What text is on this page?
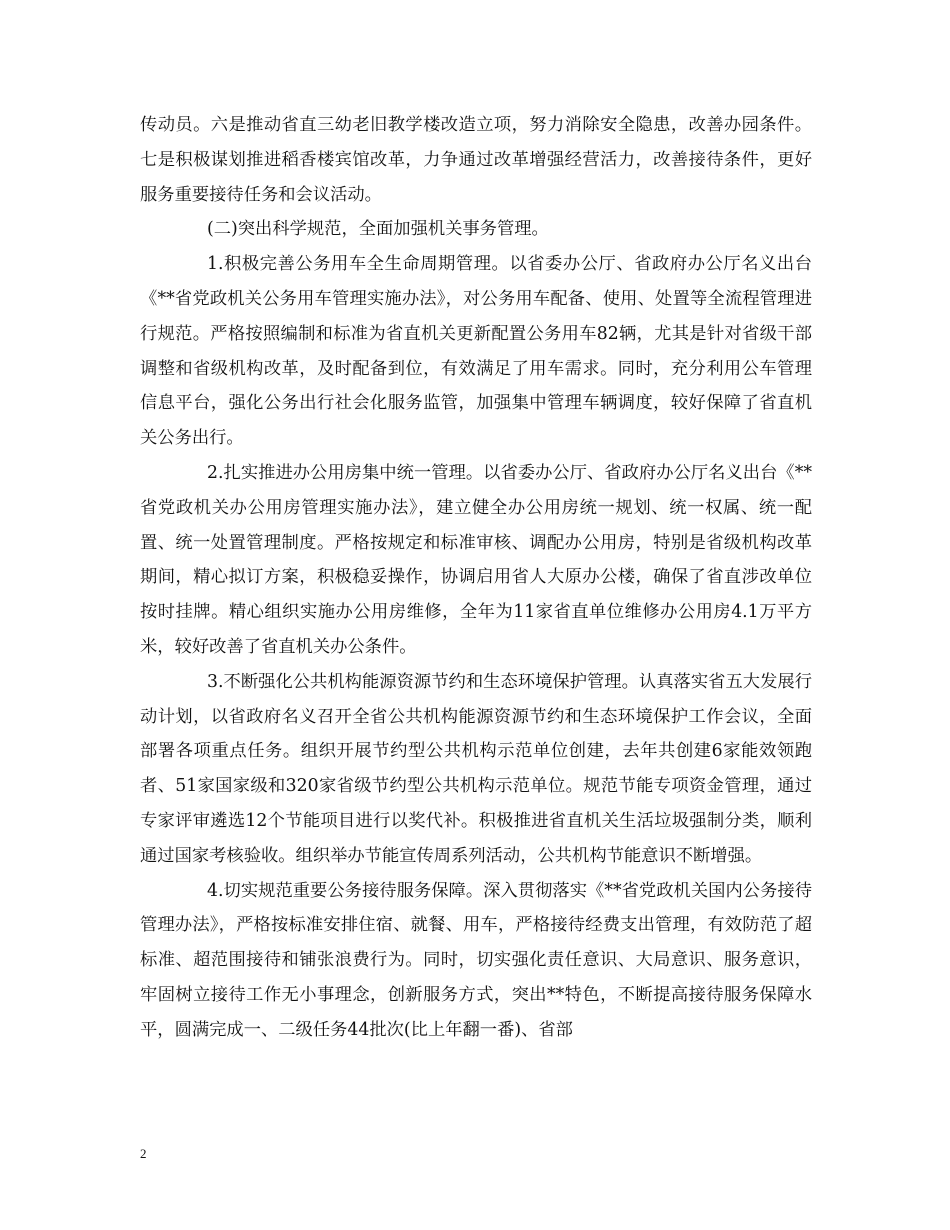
传动员。六是推动省直三幼老旧教学楼改造立项，努力消除安全隐患，改善办园条件。七是积极谋划推进稻香楼宾馆改革，力争通过改革增强经营活力，改善接待条件，更好服务重要接待任务和会议活动。

(二)突出科学规范，全面加强机关事务管理。

1.积极完善公务用车全生命周期管理。以省委办公厅、省政府办公厅名义出台《**省党政机关公务用车管理实施办法》，对公务用车配备、使用、处置等全流程管理进行规范。严格按照编制和标准为省直机关更新配置公务用车82辆，尤其是针对省级干部调整和省级机构改革，及时配备到位，有效满足了用车需求。同时，充分利用公车管理信息平台，强化公务出行社会化服务监管，加强集中管理车辆调度，较好保障了省直机关公务出行。

2.扎实推进办公用房集中统一管理。以省委办公厅、省政府办公厅名义出台《**省党政机关办公用房管理实施办法》，建立健全办公用房统一规划、统一权属、统一配置、统一处置管理制度。严格按规定和标准审核、调配办公用房，特别是省级机构改革期间，精心拟订方案，积极稳妥操作，协调启用省人大原办公楼，确保了省直涉改单位按时挂牌。精心组织实施办公用房维修，全年为11家省直单位维修办公用房4.1万平方米，较好改善了省直机关办公条件。

3.不断强化公共机构能源资源节约和生态环境保护管理。认真落实省五大发展行动计划，以省政府名义召开全省公共机构能源资源节约和生态环境保护工作会议，全面部署各项重点任务。组织开展节约型公共机构示范单位创建，去年共创建6家能效领跑者、51家国家级和320家省级节约型公共机构示范单位。规范节能专项资金管理，通过专家评审遴选12个节能项目进行以奖代补。积极推进省直机关生活垃圾强制分类，顺利通过国家考核验收。组织举办节能宣传周系列活动，公共机构节能意识不断增强。

4.切实规范重要公务接待服务保障。深入贯彻落实《**省党政机关国内公务接待管理办法》，严格按标准安排住宿、就餐、用车，严格接待经费支出管理，有效防范了超标准、超范围接待和铺张浪费行为。同时，切实强化责任意识、大局意识、服务意识，牢固树立接待工作无小事理念，创新服务方式，突出**特色，不断提高接待服务保障水平，圆满完成一、二级任务44批次(比上年翻一番)、省部

2
